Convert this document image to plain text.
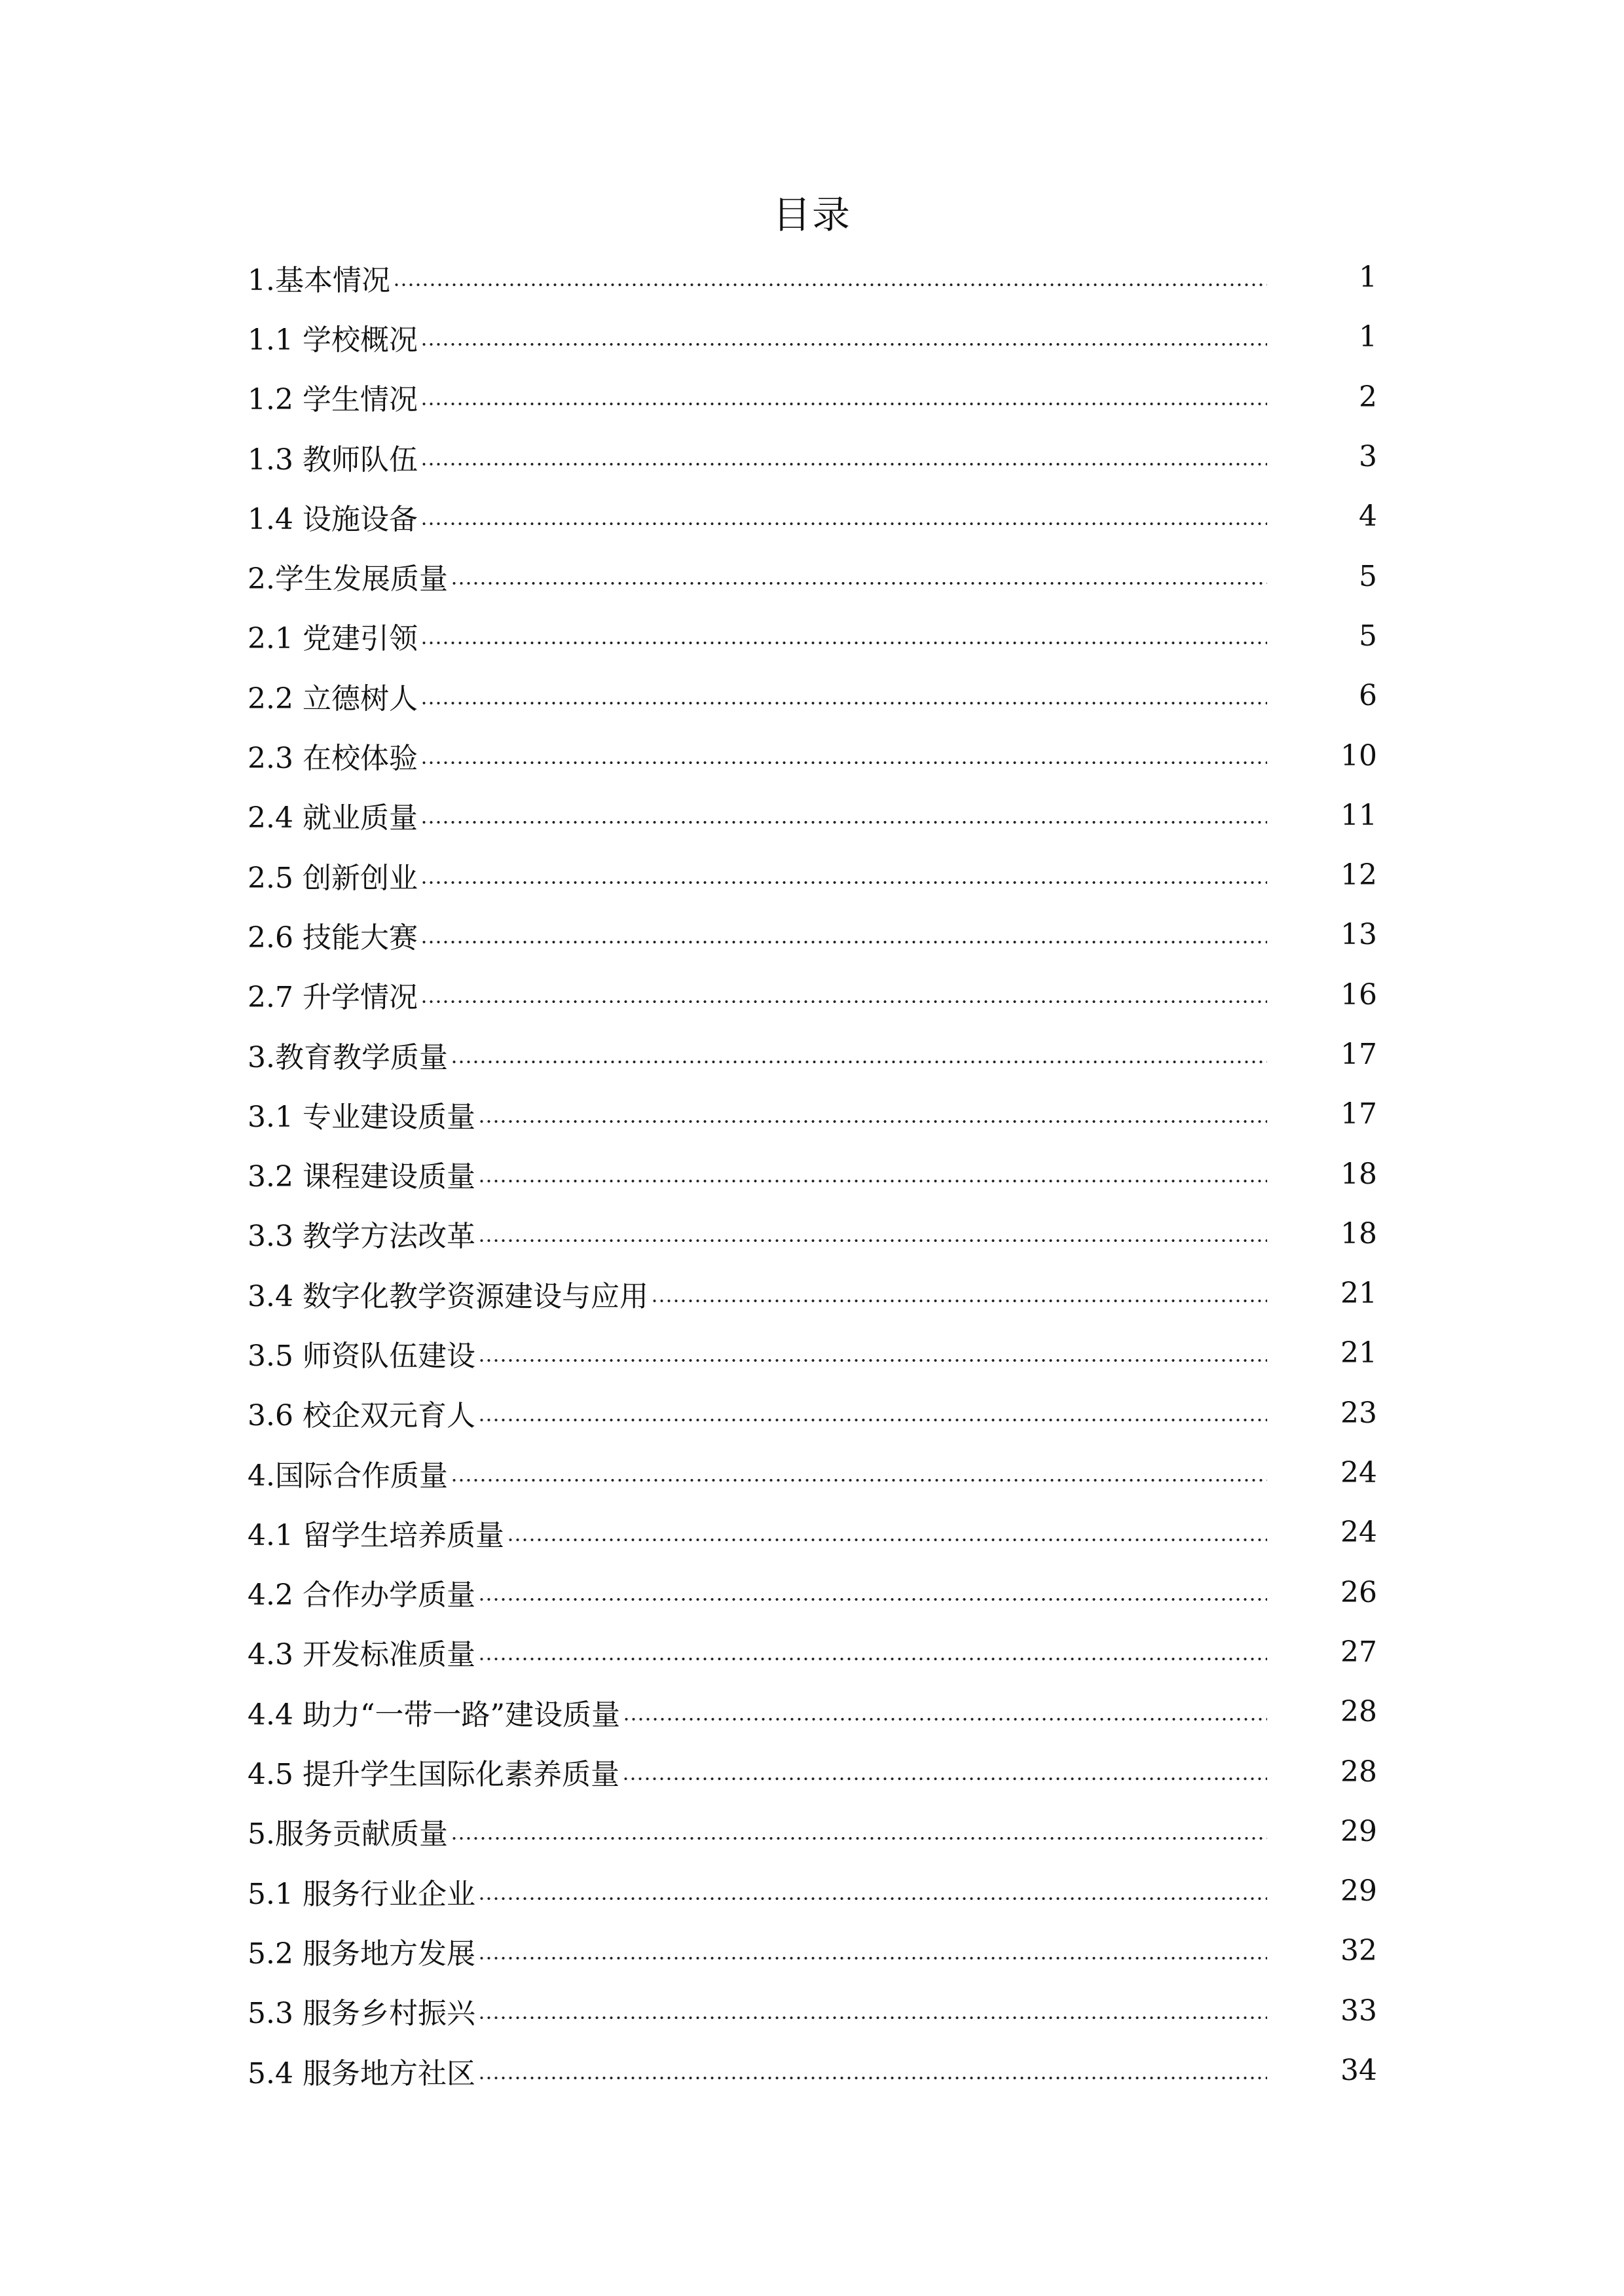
目录
1.基本情况	1
1.1 学校概况	1
1.2 学生情况	2
1.3 教师队伍	3
1.4 设施设备	4
2.学生发展质量	5
2.1 党建引领	5
2.2 立德树人	6
2.3 在校体验	10
2.4 就业质量	11
2.5 创新创业	12
2.6 技能大赛	13
2.7 升学情况	16
3.教育教学质量	17
3.1 专业建设质量	17
3.2 课程建设质量	18
3.3 教学方法改革	18
3.4 数字化教学资源建设与应用	21
3.5 师资队伍建设	21
3.6 校企双元育人	23
4.国际合作质量	24
4.1 留学生培养质量	24
4.2 合作办学质量	26
4.3 开发标准质量	27
4.4 助力“一带一路”建设质量	28
4.5 提升学生国际化素养质量	28
5.服务贡献质量	29
5.1 服务行业企业	29
5.2 服务地方发展	32
5.3 服务乡村振兴	33
5.4 服务地方社区	34
